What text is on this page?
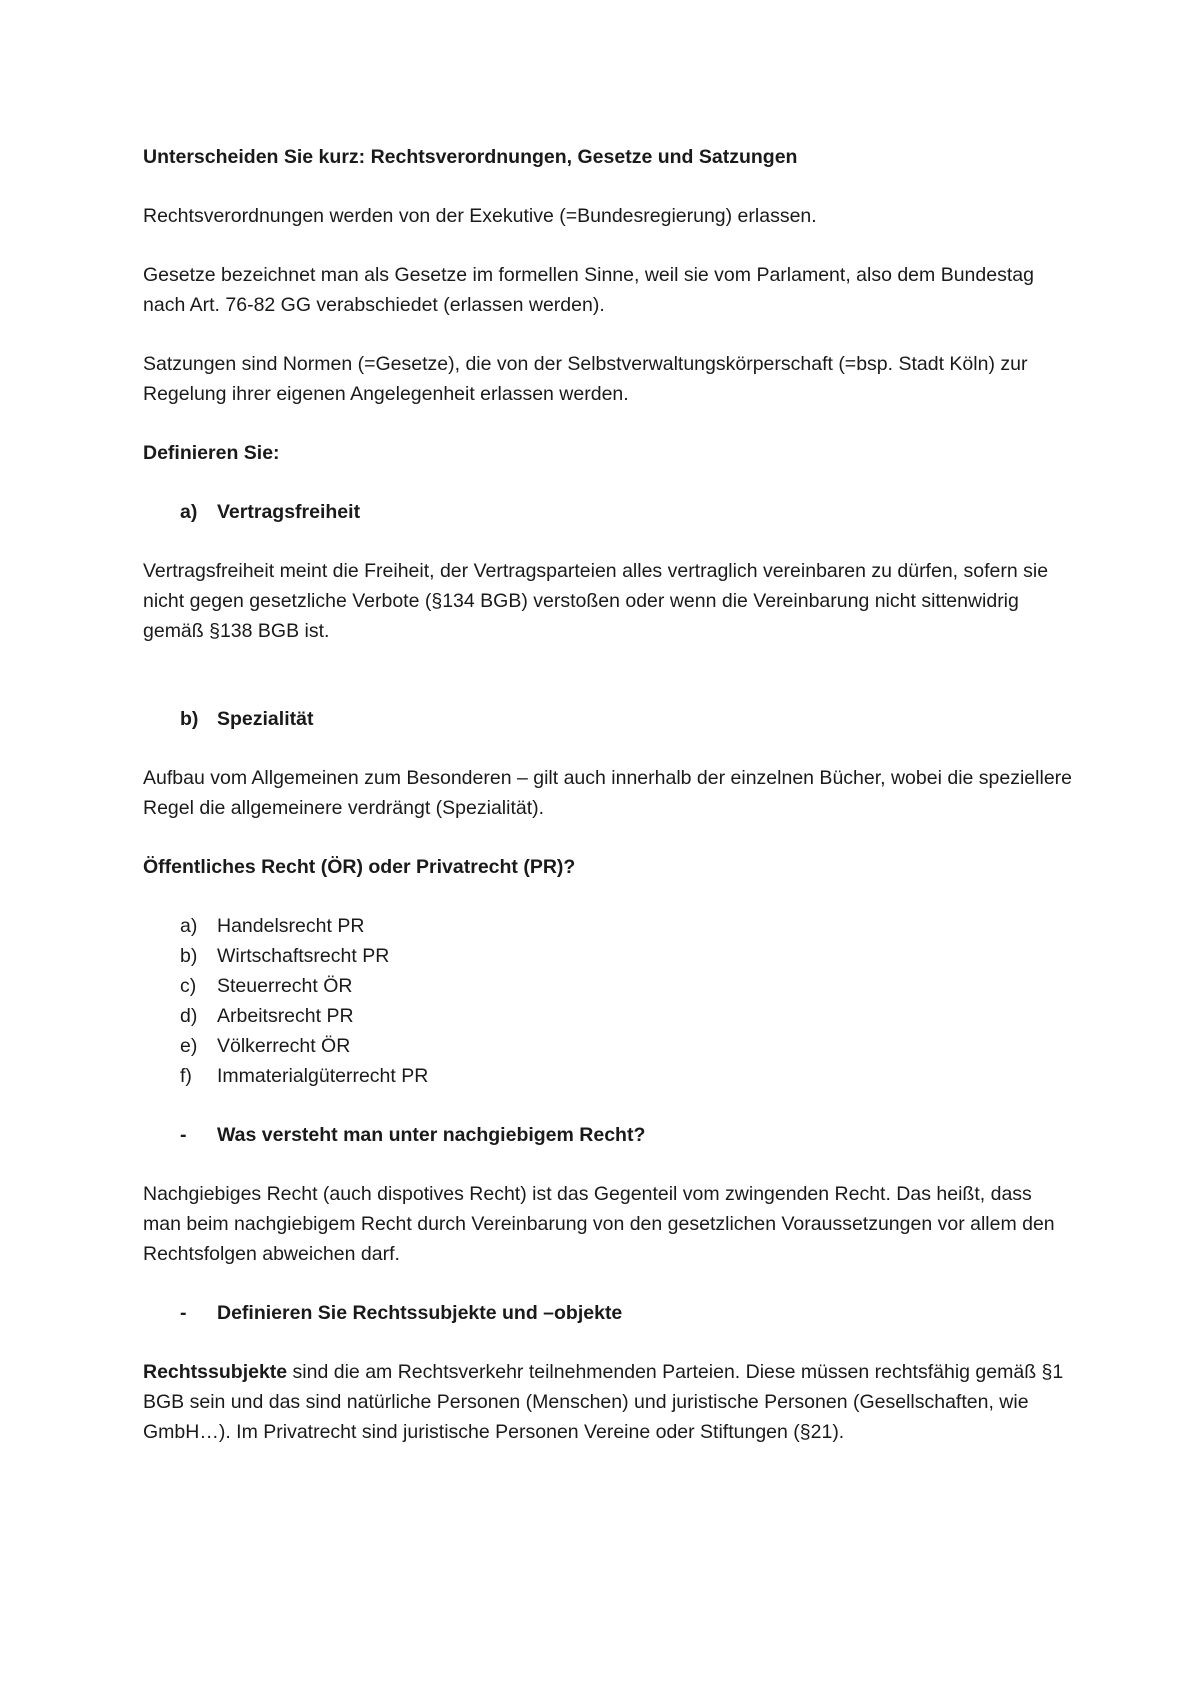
Unterscheiden Sie kurz: Rechtsverordnungen, Gesetze und Satzungen

Rechtsverordnungen werden von der Exekutive (=Bundesregierung) erlassen.

Gesetze bezeichnet man als Gesetze im formellen Sinne, weil sie vom Parlament, also dem Bundestag nach Art. 76-82 GG verabschiedet (erlassen werden).

Satzungen sind Normen (=Gesetze), die von der Selbstverwaltungskörperschaft (=bsp. Stadt Köln) zur Regelung ihrer eigenen Angelegenheit erlassen werden.

Definieren Sie:

a) Vertragsfreiheit

Vertragsfreiheit meint die Freiheit, der Vertragsparteien alles vertraglich vereinbaren zu dürfen, sofern sie nicht gegen gesetzliche Verbote (§134 BGB) verstoßen oder wenn die Vereinbarung nicht sittenwidrig gemäß §138 BGB ist.

b) Spezialität

Aufbau vom Allgemeinen zum Besonderen – gilt auch innerhalb der einzelnen Bücher, wobei die speziellere Regel die allgemeinere verdrängt (Spezialität).

Öffentliches Recht (ÖR) oder Privatrecht (PR)?

a) Handelsrecht PR
b) Wirtschaftsrecht PR
c) Steuerrecht ÖR
d) Arbeitsrecht PR
e) Völkerrecht ÖR
f) Immaterialgüterrecht PR
- Was versteht man unter nachgiebigem Recht?

Nachgiebiges Recht (auch dispotives Recht) ist das Gegenteil vom zwingenden Recht. Das heißt, dass man beim nachgiebigem Recht durch Vereinbarung von den gesetzlichen Voraussetzungen vor allem den Rechtsfolgen abweichen darf.

- Definieren Sie Rechtssubjekte und –objekte

Rechtssubjekte sind die am Rechtsverkehr teilnehmenden Parteien. Diese müssen rechtsfähig gemäß §1 BGB sein und das sind natürliche Personen (Menschen) und juristische Personen (Gesellschaften, wie GmbH…). Im Privatrecht sind juristische Personen Vereine oder Stiftungen (§21).
